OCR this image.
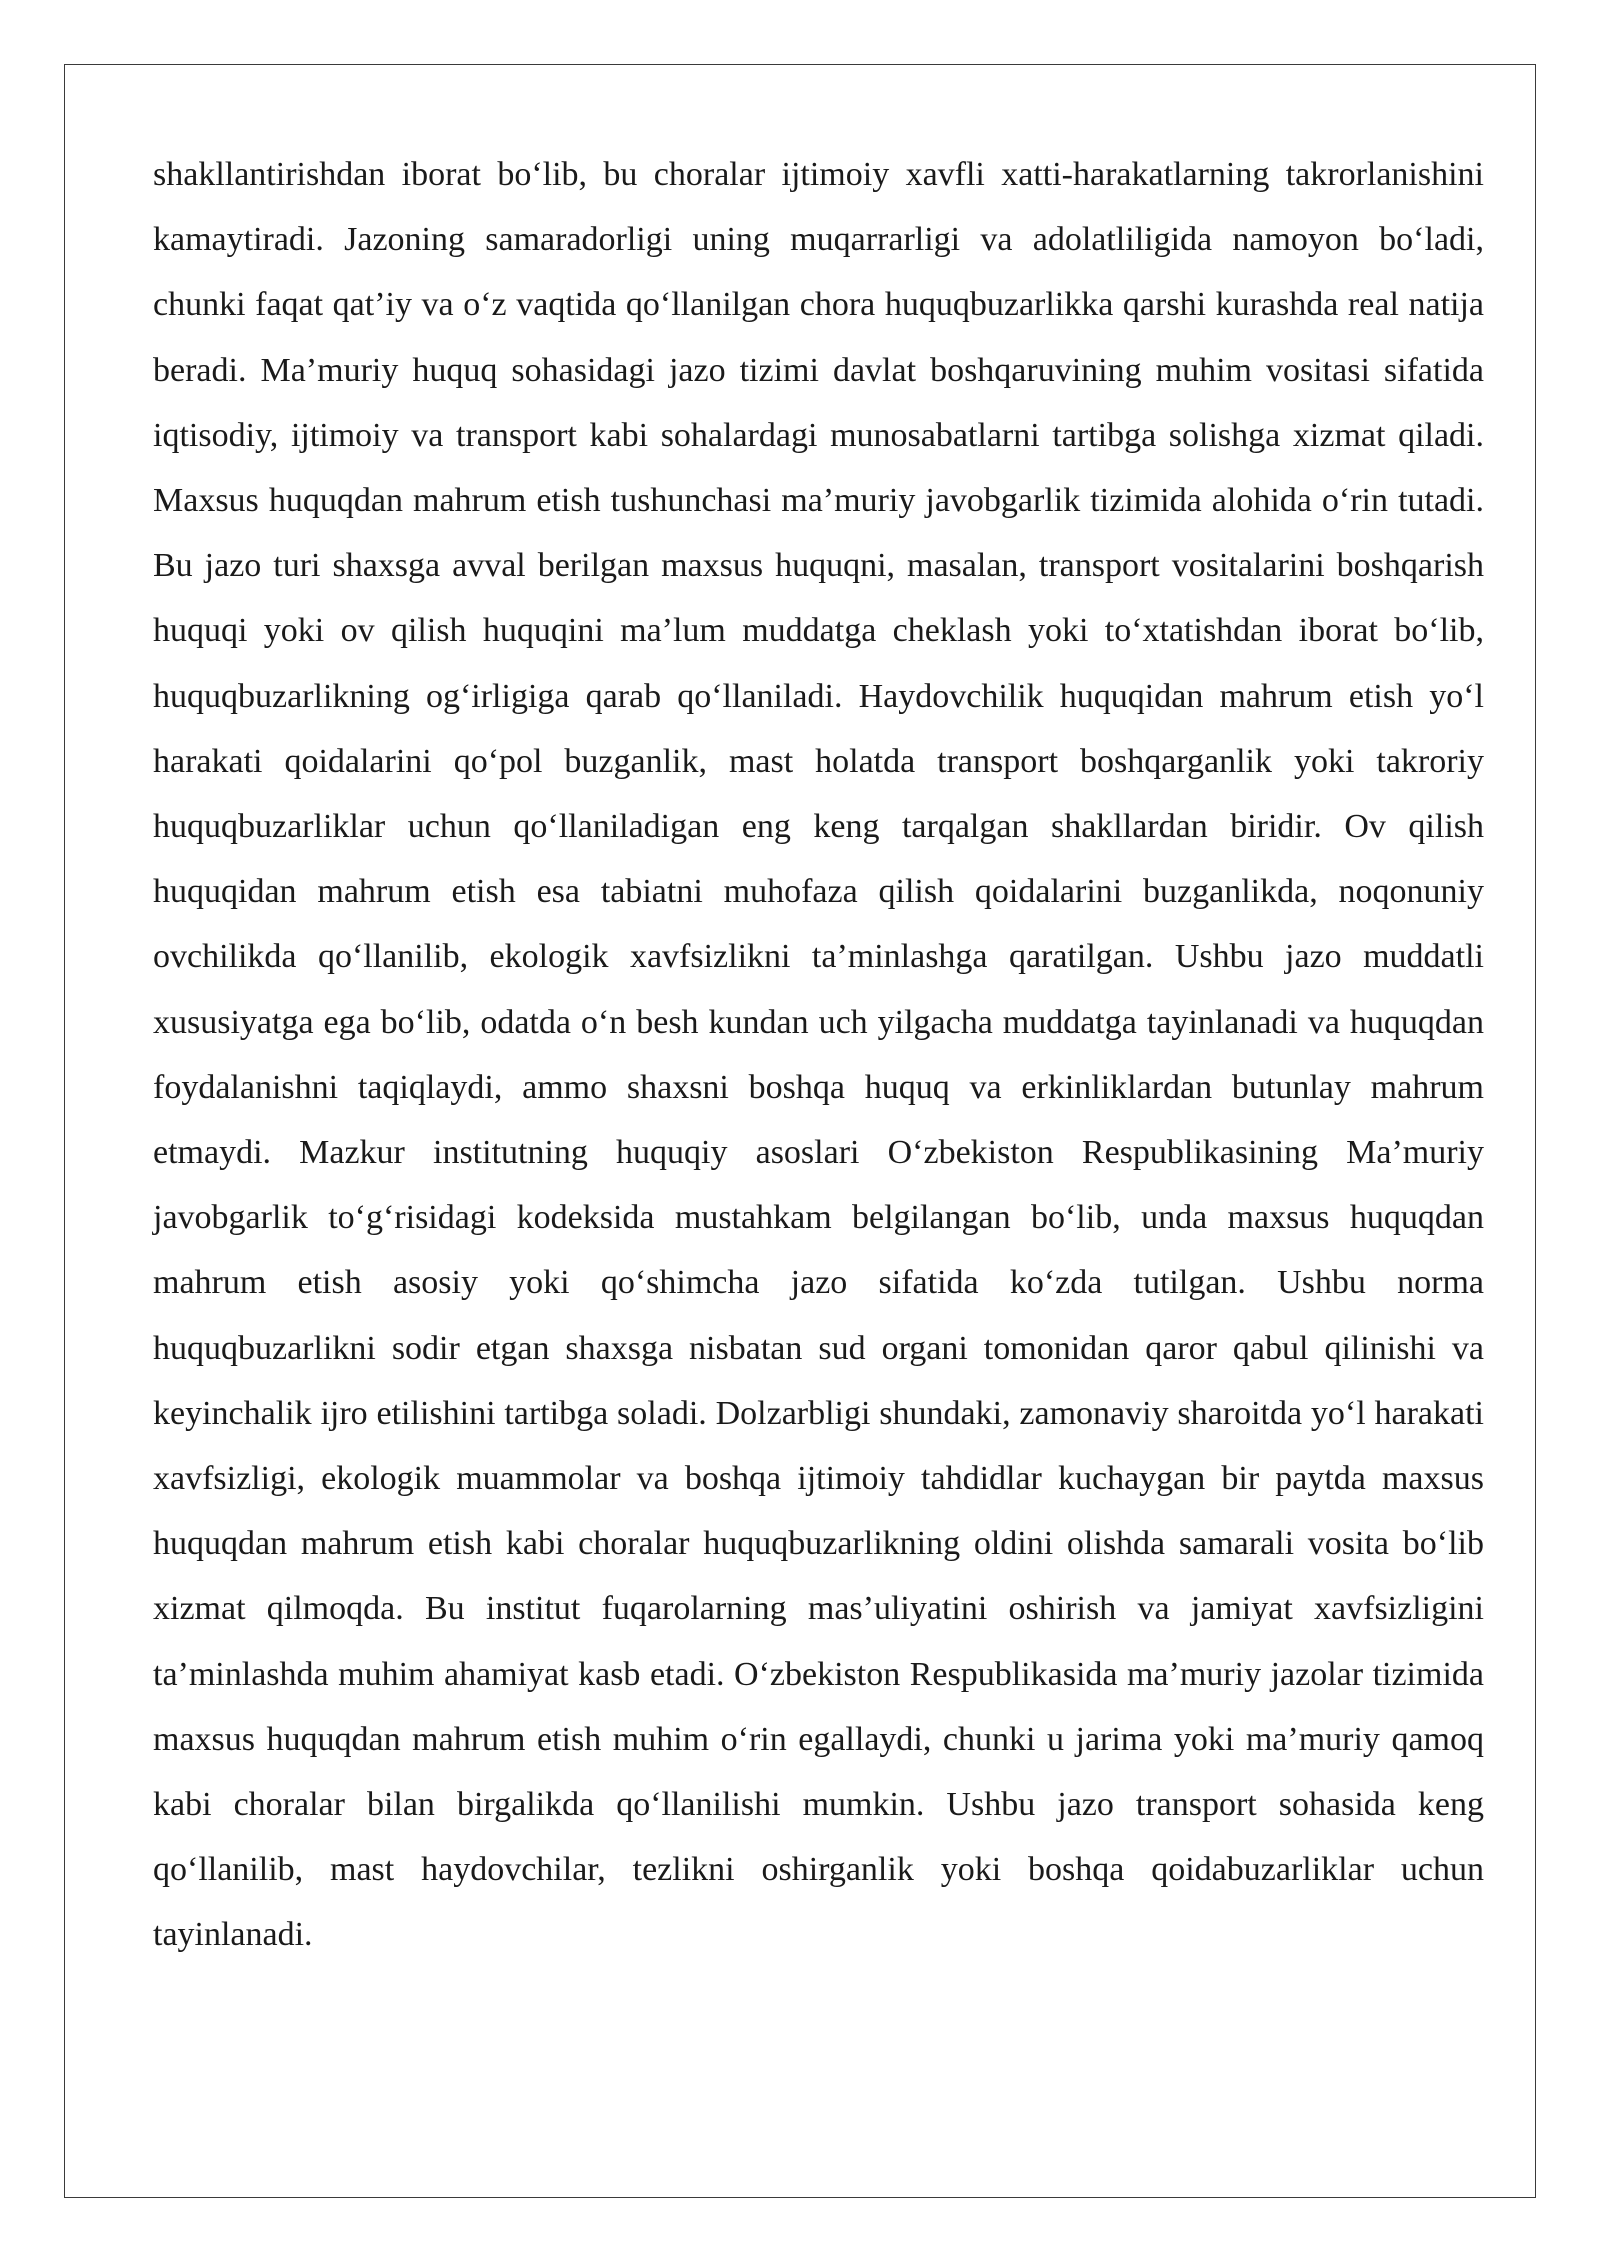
shakllantirishdan iborat bo‘lib, bu choralar ijtimoiy xavfli xatti-harakatlarning takrorlanishini kamaytiradi. Jazoning samaradorligi uning muqarrarligi va adolatliligida namoyon bo‘ladi, chunki faqat qat’iy va o‘z vaqtida qo‘llanilgan chora huquqbuzarlikka qarshi kurashda real natija beradi. Ma’muriy huquq sohasidagi jazo tizimi davlat boshqaruvining muhim vositasi sifatida iqtisodiy, ijtimoiy va transport kabi sohalardagi munosabatlarni tartibga solishga xizmat qiladi. Maxsus huquqdan mahrum etish tushunchasi ma’muriy javobgarlik tizimida alohida o‘rin tutadi. Bu jazo turi shaxsga avval berilgan maxsus huquqni, masalan, transport vositalarini boshqarish huquqi yoki ov qilish huquqini ma’lum muddatga cheklash yoki to‘xtatishdan iborat bo‘lib, huquqbuzarlikning og‘irligiga qarab qo‘llaniladi. Haydovchilik huquqidan mahrum etish yo‘l harakati qoidalarini qo‘pol buzganlik, mast holatda transport boshqarganlik yoki takroriy huquqbuzarliklar uchun qo‘llaniladigan eng keng tarqalgan shakllardan biridir. Ov qilish huquqidan mahrum etish esa tabiatni muhofaza qilish qoidalarini buzganlikda, noqonuniy ovchilikda qo‘llanilib, ekologik xavfsizlikni ta’minlashga qaratilgan. Ushbu jazo muddatli xususiyatga ega bo‘lib, odatda o‘n besh kundan uch yilgacha muddatga tayinlanadi va huquqdan foydalanishni taqiqlaydi, ammo shaxsni boshqa huquq va erkinliklardan butunlay mahrum etmaydi. Mazkur institutning huquqiy asoslari O‘zbekiston Respublikasining Ma’muriy javobgarlik to‘g‘risidagi kodeksida mustahkam belgilangan bo‘lib, unda maxsus huquqdan mahrum etish asosiy yoki qo‘shimcha jazo sifatida ko‘zda tutilgan. Ushbu norma huquqbuzarlikni sodir etgan shaxsga nisbatan sud organi tomonidan qaror qabul qilinishi va keyinchalik ijro etilishini tartibga soladi. Dolzarbligi shundaki, zamonaviy sharoitda yo‘l harakati xavfsizligi, ekologik muammolar va boshqa ijtimoiy tahdidlar kuchaygan bir paytda maxsus huquqdan mahrum etish kabi choralar huquqbuzarlikning oldini olishda samarali vosita bo‘lib xizmat qilmoqda. Bu institut fuqarolarning mas’uliyatini oshirish va jamiyat xavfsizligini ta’minlashda muhim ahamiyat kasb etadi. O‘zbekiston Respublikasida ma’muriy jazolar tizimida maxsus huquqdan mahrum etish muhim o‘rin egallaydi, chunki u jarima yoki ma’muriy qamoq kabi choralar bilan birgalikda qo‘llanilishi mumkin. Ushbu jazo transport sohasida keng qo‘llanilib, mast haydovchilar, tezlikni oshirganlik yoki boshqa qoidabuzarliklar uchun tayinlanadi.
